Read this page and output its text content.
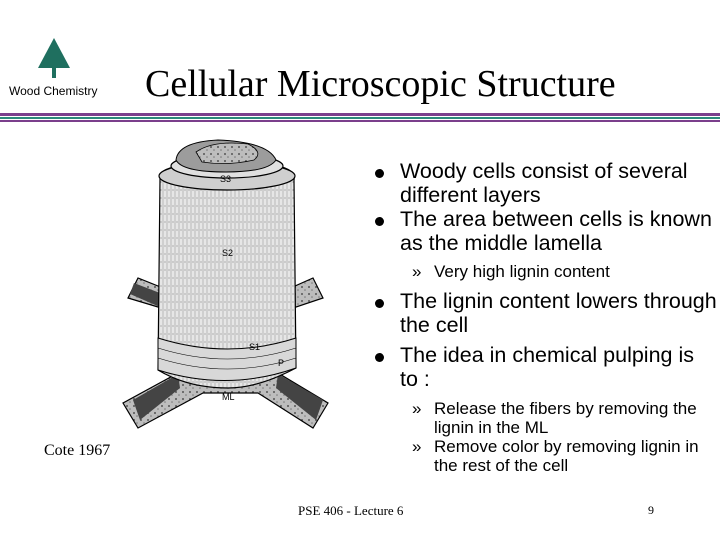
Wood Chemistry Cellular Microscopic Structure
S3
S2
S1
P
ML
Cote 1967
Woody cells consist of several different layers
The area between cells is known as the middle lamella
» Very high lignin content
The lignin content lowers through the cell
The idea in chemical pulping is to :
» Release the fibers by removing the lignin in the ML
» Remove color by removing lignin in the rest of the cell
PSE 406 - Lecture 6	9
